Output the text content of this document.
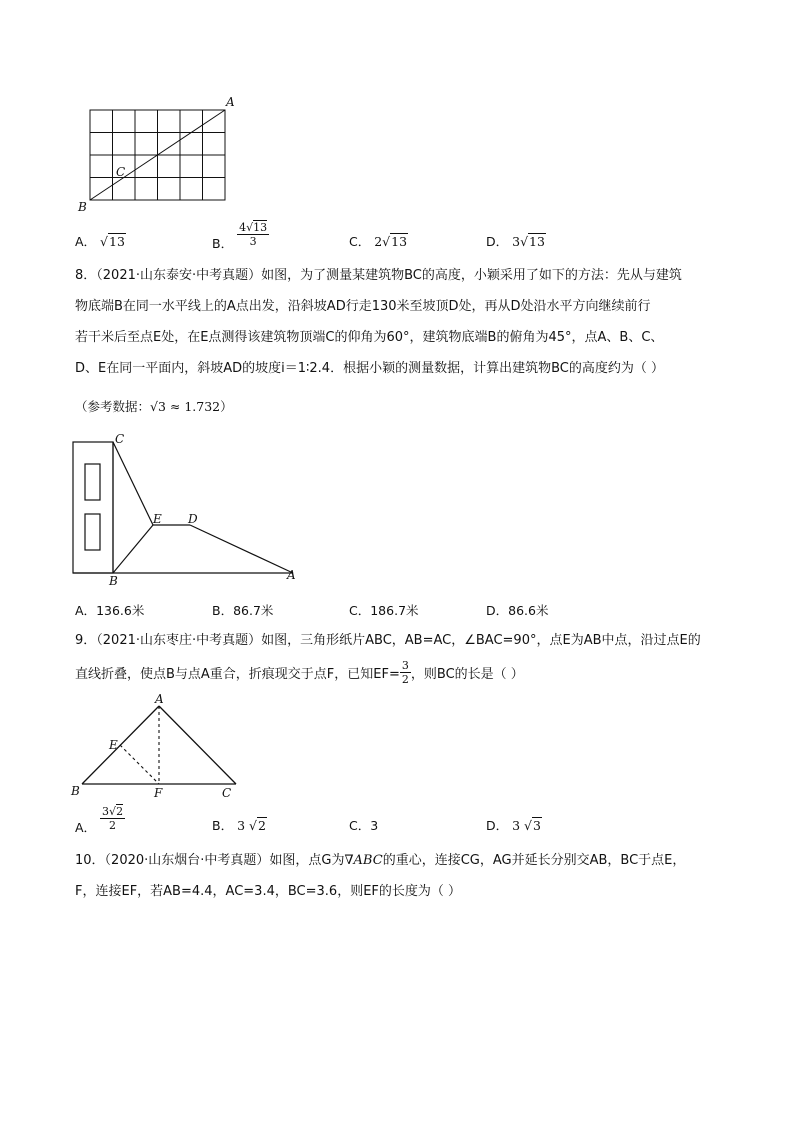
A
B
C
A． √13	B． $\frac{4√13}{3}$	C． 2√13	D． 3√13
8．（2021·山东泰安·中考真题）如图，为了测量某建筑物BC的高度，小颖采用了如下的方法：先从与建筑
物底端B在同一水平线上的A点出发，沿斜坡AD行走130米至坡顶D处，再从D处沿水平方向继续前行
若干米后至点E处，在E点测得该建筑物顶端C的仰角为60°，建筑物底端B的俯角为45°，点A、B、C、
D、E在同一平面内，斜坡AD的坡度i＝1∶2.4．根据小颖的测量数据，计算出建筑物BC的高度约为（ ）
（参考数据：√3 ≈ 1.732）
C
E D
B	A
A．136.6米	B．86.7米	C．186.7米	D．86.6米
9．（2021·山东枣庄·中考真题）如图，三角形纸片ABC，AB=AC，∠BAC=90°，点E为AB中点，沿过点E的
直线折叠，使点B与点A重合，折痕现交于点F，已知$EF= \frac{3}{2}$ ，则BC的长是（ ）
A
E
B	F	C
A． $\frac{3√2}{2}$	B． 3 √2	C．3	D． 3 √3
10．（2020·山东烟台·中考真题）如图，点G为∇ABC的重心，连接CG，AG并延长分别交AB，BC于点E，
F，连接EF，若AB=4.4，AC=3.4，BC=3.6，则EF的长度为（ ）
